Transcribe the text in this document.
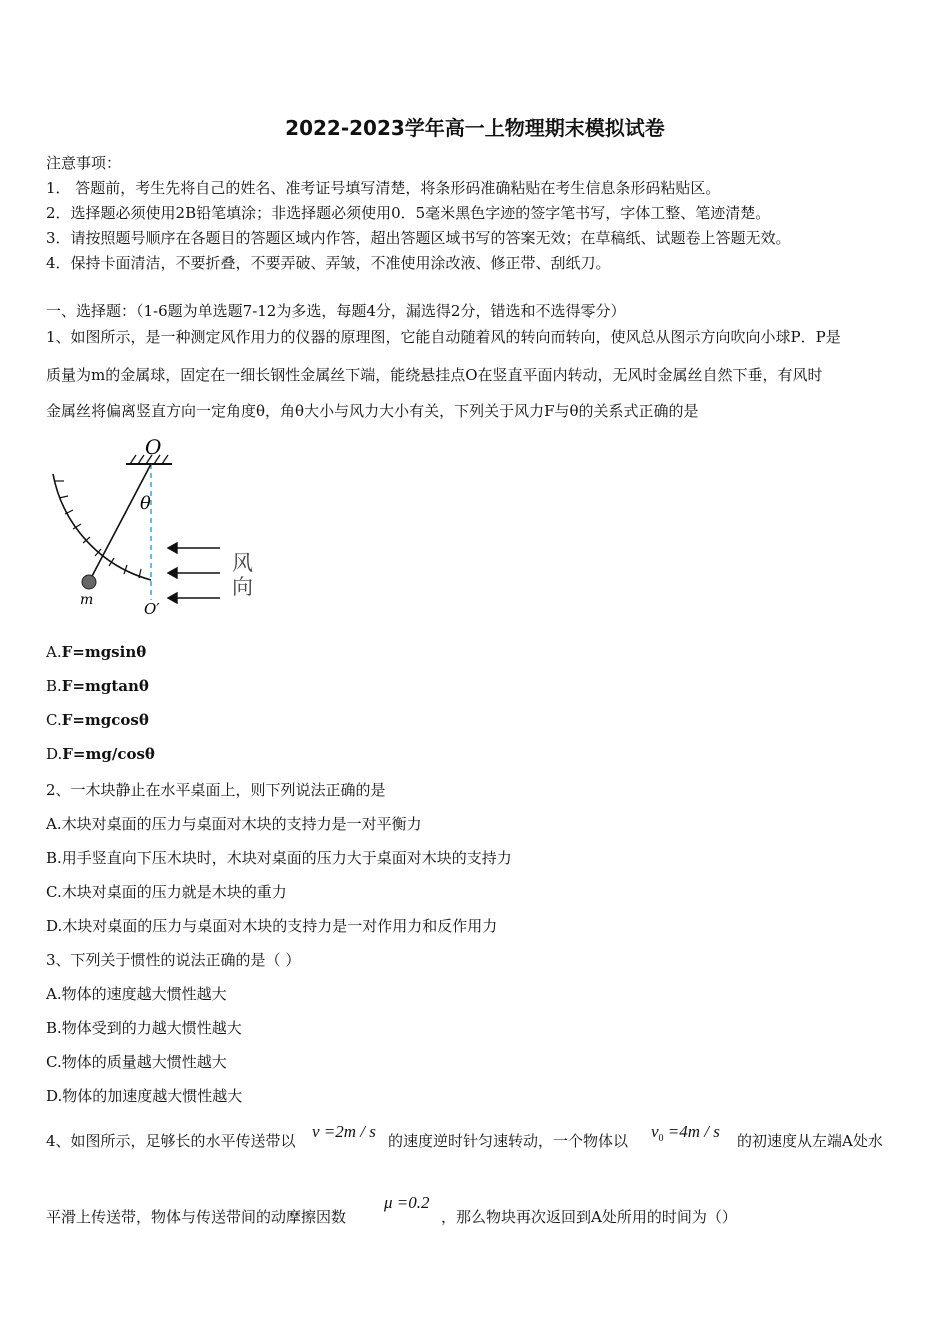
2022-2023学年高一上物理期末模拟试卷
注意事项：
1． 答题前，考生先将自己的姓名、准考证号填写清楚，将条形码准确粘贴在考生信息条形码粘贴区。
2．选择题必须使用2B铅笔填涂；非选择题必须使用0．5毫米黑色字迹的签字笔书写，字体工整、笔迹清楚。
3．请按照题号顺序在各题目的答题区域内作答，超出答题区域书写的答案无效；在草稿纸、试题卷上答题无效。
4．保持卡面清洁，不要折叠，不要弄破、弄皱，不准使用涂改液、修正带、刮纸刀。
一、选择题：（1-6题为单选题7-12为多选，每题4分，漏选得2分，错选和不选得零分）
1、如图所示，是一种测定风作用力的仪器的原理图，它能自动随着风的转向而转向，使风总从图示方向吹向小球P．P是
质量为m的金属球，固定在一细长钢性金属丝下端，能绕悬挂点O在竖直平面内转动，无风时金属丝自然下垂，有风时
金属丝将偏离竖直方向一定角度θ，角θ大小与风力大小有关，下列关于风力F与θ的关系式正确的是
O
m	O′
θ
风
向
A.F=mgsinθ
B.F=mgtanθ
C.F=mgcosθ
D.F=mg/cosθ
2、一木块静止在水平桌面上，则下列说法正确的是
A.木块对桌面的压力与桌面对木块的支持力是一对平衡力
B.用手竖直向下压木块时，木块对桌面的压力大于桌面对木块的支持力
C.木块对桌面的压力就是木块的重力
D.木块对桌面的压力与桌面对木块的支持力是一对作用力和反作用力
3、下列关于惯性的说法正确的是（ ）
A.物体的速度越大惯性越大
B.物体受到的力越大惯性越大
C.物体的质量越大惯性越大
D.物体的加速度越大惯性越大
4、如图所示，足够长的水平传送带以 v =2m / s 的速度逆时针匀速转动，一个物体以 $v_0 =4m / s$ 的初速度从左端A处水
平滑上传送带，物体与传送带间的动摩擦因数
μ =0.2
，那么物块再次返回到A处所用的时间为（）
